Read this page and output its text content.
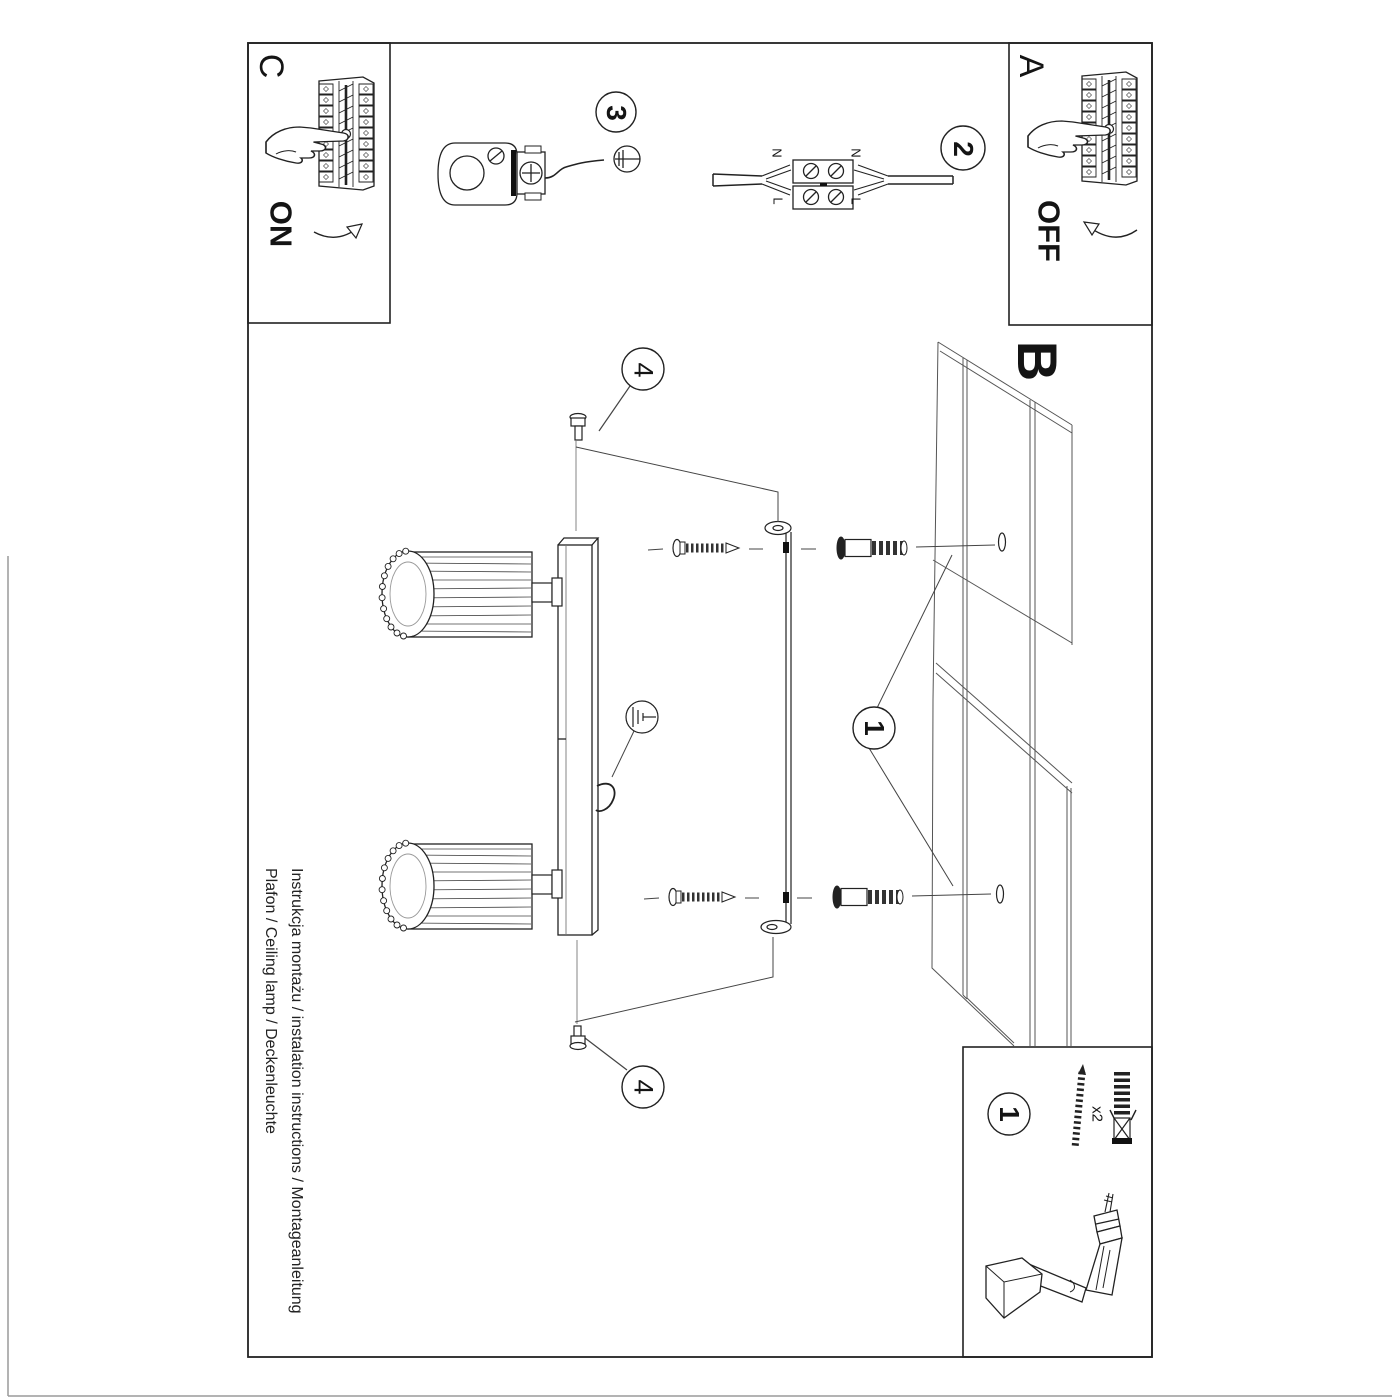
C
ON
A
OFF
B
3
2
4
4
1
1
N	N
L	L
x2
Instrukcja montażu / instalation instructions / Montageanleitung
Plafon / Ceiling lamp / Deckenleuchte
